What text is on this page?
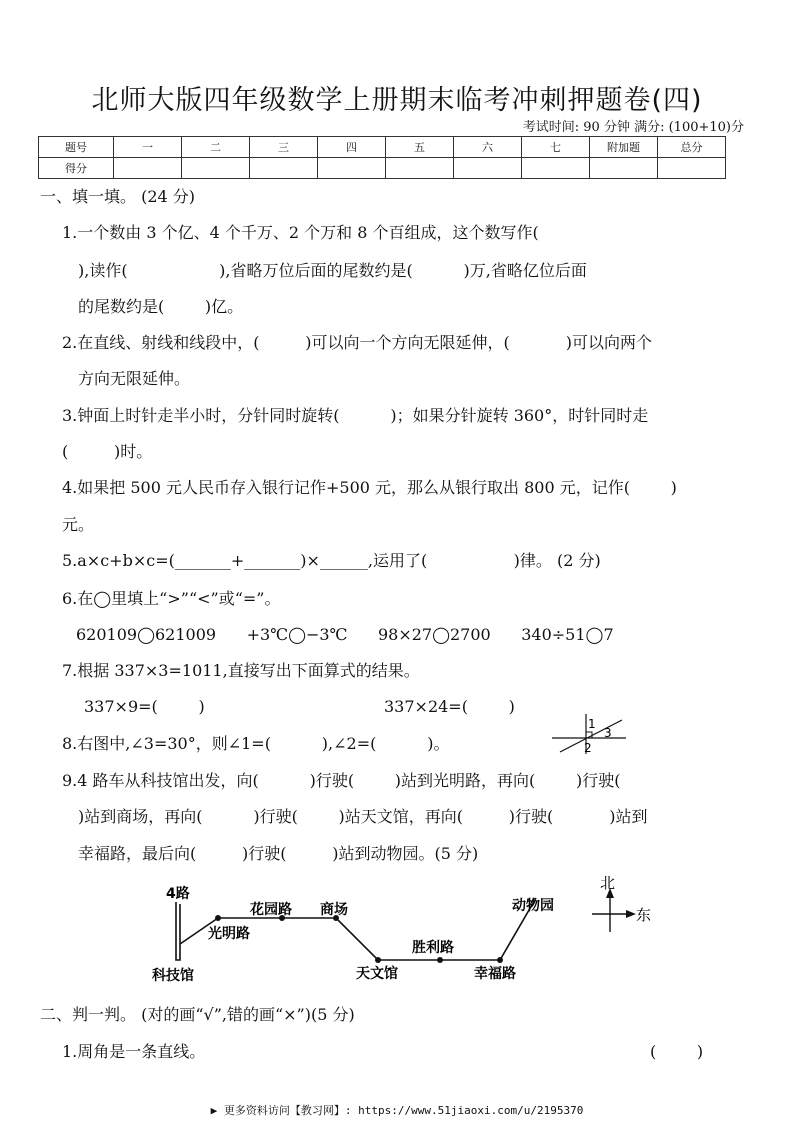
北师大版四年级数学上册期末临考冲刺押题卷(四)
考试时间: 90 分钟 满分: (100+10)分
题号	一	二	三	四	五	六	七	附加题	总分
得分									
一、填一填。 (24 分)
1.一个数由 3 个亿、4 个千万、2 个万和 8 个百组成，这个数写作(
),读作(                  ),省略万位后面的尾数约是(          )万,省略亿位后面
的尾数约是(        )亿。
2.在直线、射线和线段中，(         )可以向一个方向无限延伸，(           )可以向两个
方向无限延伸。
3.钟面上时针走半小时，分针同时旋转(          )；如果分针旋转 360°，时针同时走
(         )时。
4.如果把 500 元人民币存入银行记作+500 元，那么从银行取出 800 元，记作(        )
元。
5.a×c+b×c=(_______+_______)×______,运用了(                 )律。 (2 分)
6.在◯里填上“>”“<”或“=”。
620109◯621009      +3℃◯−3℃      98×27◯2700      340÷51◯7
7.根据 337×3=1011,直接写出下面算式的结果。
337×9=(        )	337×24=(        )
8.右图中,∠3=30°，则∠1=(          ),∠2=(          )。
1
3
2
9.4 路车从科技馆出发，向(          )行驶(        )站到光明路，再向(        )行驶(
)站到商场，再向(          )行驶(        )站天文馆，再向(         )行驶(           )站到
幸福路，最后向(         )行驶(         )站到动物园。(5 分)
4路
科技馆
光明路
花园路 商场
天文馆
胜利路
幸福路
动物园
北
东
二、判一判。 (对的画“√”,错的画“×”)(5 分)
1.周角是一条直线。	(        )
▶ 更多资料访问【教习网】: https://www.51jiaoxi.com/u/2195370
